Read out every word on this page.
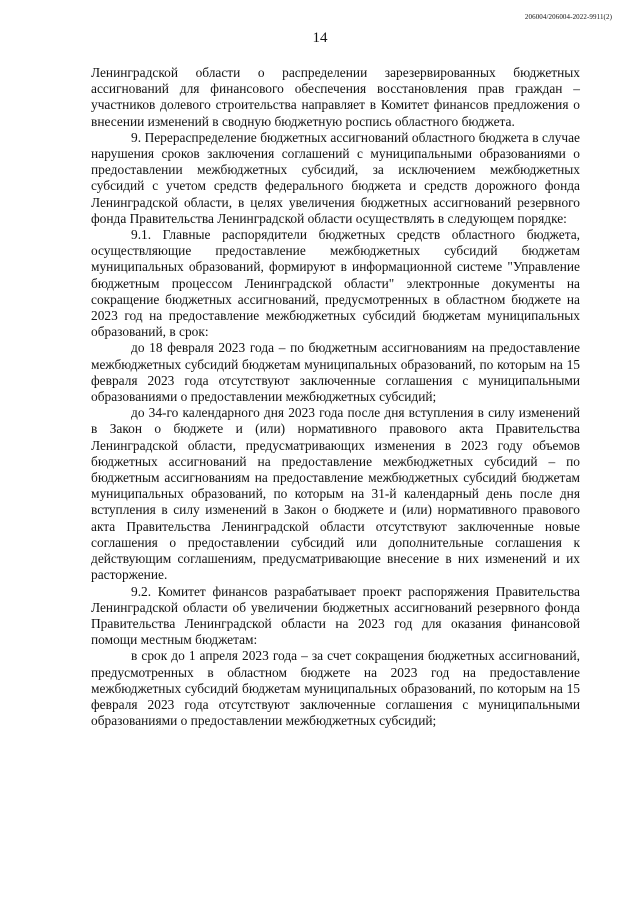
206004/206004-2022-9911(2)
14

Ленинградской области о распределении зарезервированных бюджетных ассигнований для финансового обеспечения восстановления прав граждан – участников долевого строительства направляет в Комитет финансов предложения о внесении изменений в сводную бюджетную роспись областного бюджета.

9. Перераспределение бюджетных ассигнований областного бюджета в случае нарушения сроков заключения соглашений с муниципальными образованиями о предоставлении межбюджетных субсидий, за исключением межбюджетных субсидий с учетом средств федерального бюджета и средств дорожного фонда Ленинградской области, в целях увеличения бюджетных ассигнований резервного фонда Правительства Ленинградской области осуществлять в следующем порядке:

9.1. Главные распорядители бюджетных средств областного бюджета, осуществляющие предоставление межбюджетных субсидий бюджетам муниципальных образований, формируют в информационной системе "Управление бюджетным процессом Ленинградской области" электронные документы на сокращение бюджетных ассигнований, предусмотренных в областном бюджете на 2023 год на предоставление межбюджетных субсидий бюджетам муниципальных образований, в срок:

до 18 февраля 2023 года – по бюджетным ассигнованиям на предоставление межбюджетных субсидий бюджетам муниципальных образований, по которым на 15 февраля 2023 года отсутствуют заключенные соглашения с муниципальными образованиями о предоставлении межбюджетных субсидий;

до 34-го календарного дня 2023 года после дня вступления в силу изменений в Закон о бюджете и (или) нормативного правового акта Правительства Ленинградской области, предусматривающих изменения в 2023 году объемов бюджетных ассигнований на предоставление межбюджетных субсидий – по бюджетным ассигнованиям на предоставление межбюджетных субсидий бюджетам муниципальных образований, по которым на 31-й календарный день после дня вступления в силу изменений в Закон о бюджете и (или) нормативного правового акта Правительства Ленинградской области отсутствуют заключенные новые соглашения о предоставлении субсидий или дополнительные соглашения к действующим соглашениям, предусматривающие внесение в них изменений и их расторжение.

9.2. Комитет финансов разрабатывает проект распоряжения Правительства Ленинградской области об увеличении бюджетных ассигнований резервного фонда Правительства Ленинградской области на 2023 год для оказания финансовой помощи местным бюджетам:

в срок до 1 апреля 2023 года – за счет сокращения бюджетных ассигнований, предусмотренных в областном бюджете на 2023 год на предоставление межбюджетных субсидий бюджетам муниципальных образований, по которым на 15 февраля 2023 года отсутствуют заключенные соглашения с муниципальными образованиями о предоставлении межбюджетных субсидий;
